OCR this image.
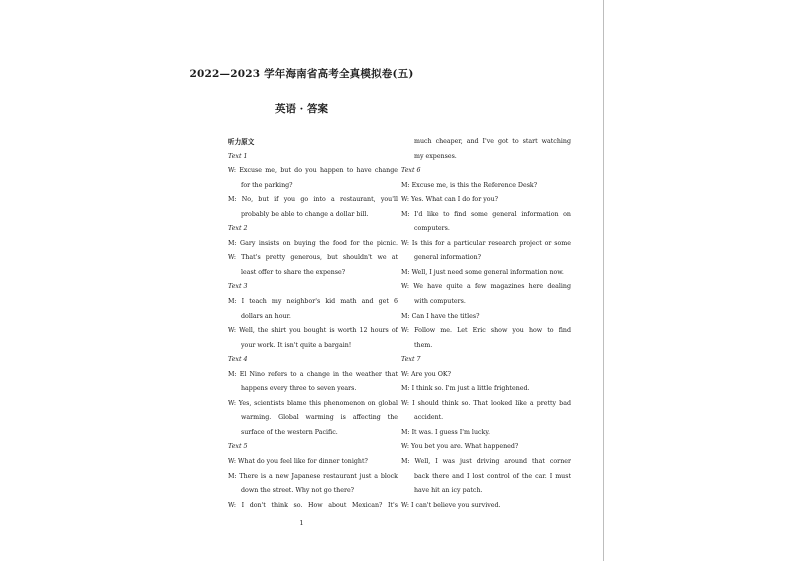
2022—2023 学年海南省高考全真模拟卷(五)
英语 · 答案
听力原文
Text 1
W: Excuse me, but do you happen to have change
for the parking?
M: No, but if you go into a restaurant, you'll
probably be able to change a dollar bill.
Text 2
M: Gary insists on buying the food for the picnic.
W: That's pretty generous, but shouldn't we at
least offer to share the expense?
Text 3
M: I teach my neighbor's kid math and get 6
dollars an hour.
W: Well, the shirt you bought is worth 12 hours of
your work. It isn't quite a bargain!
Text 4
M: El Nino refers to a change in the weather that
happens every three to seven years.
W: Yes, scientists blame this phenomenon on global
warming. Global warming is affecting the
surface of the western Pacific.
Text 5
W: What do you feel like for dinner tonight?
M: There is a new Japanese restaurant just a block
down the street. Why not go there?
W: I don't think so. How about Mexican? It's
much cheaper, and I've got to start watching
my expenses.
Text 6
M: Excuse me, is this the Reference Desk?
W: Yes. What can I do for you?
M: I'd like to find some general information on
computers.
W: Is this for a particular research project or some
general information?
M: Well, I just need some general information now.
W: We have quite a few magazines here dealing
with computers.
M: Can I have the titles?
W: Follow me. Let Eric show you how to find
them.
Text 7
W: Are you OK?
M: I think so. I'm just a little frightened.
W: I should think so. That looked like a pretty bad
accident.
M: It was. I guess I'm lucky.
W: You bet you are. What happened?
M: Well, I was just driving around that corner
back there and I lost control of the car. I must
have hit an icy patch.
W: I can't believe you survived.
1
